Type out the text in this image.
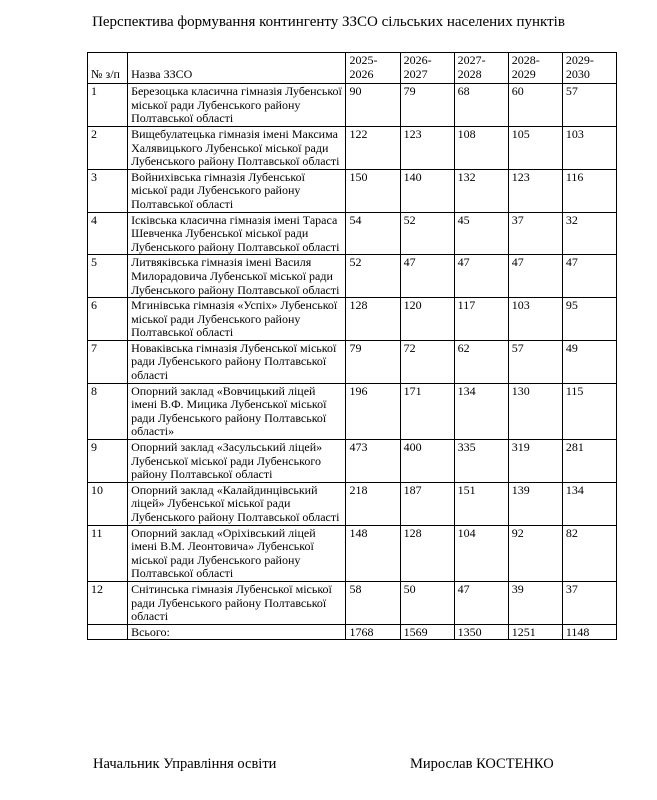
Перспектива формування контингенту ЗЗСО сільських населених пунктів
№ з/п	Назва ЗЗСО	2025-2026	2026-2027	2027-2028	2028-2029	2029-2030
1	Березоцька класична гімназія Лубенської міської ради Лубенського району Полтавської області	90	79	68	60	57
2	Вищебулатецька гімназія імені Максима Халявицького Лубенської міської ради Лубенського району Полтавської області	122	123	108	105	103
3	Войнихівська гімназія Лубенської міської ради Лубенського району Полтавської області	150	140	132	123	116
4	Ісківська класична гімназія імені Тараса Шевченка Лубенської міської ради Лубенського району Полтавської області	54	52	45	37	32
5	Литвяківська гімназія імені Василя Милорадовича Лубенської міської ради Лубенського району Полтавської області	52	47	47	47	47
6	Мгинівська гімназія «Успіх» Лубенської міської ради Лубенського району Полтавської області	128	120	117	103	95
7	Новаківська гімназія Лубенської міської ради Лубенського району Полтавської області	79	72	62	57	49
8	Опорний заклад «Вовчицький ліцей імені В.Ф. Мицика Лубенської міської ради Лубенського району Полтавської області»	196	171	134	130	115
9	Опорний заклад «Засульський ліцей» Лубенської міської ради Лубенського району Полтавської області	473	400	335	319	281
10	Опорний заклад «Калайдинцівський ліцей» Лубенської міської ради Лубенського району Полтавської області	218	187	151	139	134
11	Опорний заклад «Оріхівський ліцей імені В.М. Леонтовича» Лубенської міської ради Лубенського району Полтавської області	148	128	104	92	82
12	Снітинська гімназія Лубенської міської ради Лубенського району Полтавської області	58	50	47	39	37
	Всього:	1768	1569	1350	1251	1148
Начальник Управління освіти	Мирослав КОСТЕНКО
